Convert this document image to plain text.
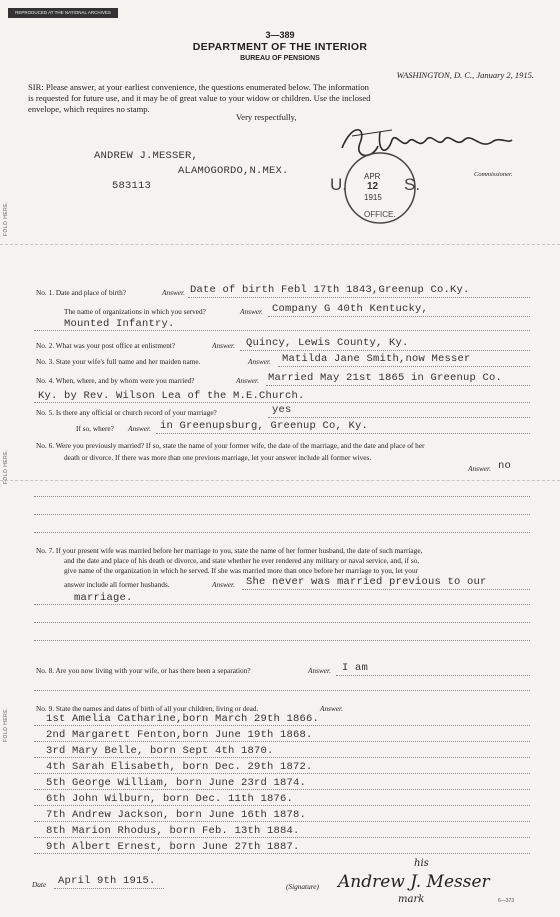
REPRODUCED AT THE NATIONAL ARCHIVES
3—389
DEPARTMENT OF THE INTERIOR
BUREAU OF PENSIONS
WASHINGTON, D. C., January 2, 1915.
SIR: Please answer, at your earliest convenience, the questions enumerated below. The information
is requested for future use, and it may be of great value to your widow or children. Use the inclosed
envelope, which requires no stamp.
Very respectfully,
Commissioner.
ANDREW J.MESSER,
ALAMOGORDO,N.MEX.
583113	U.	S.
APR
12
1915
OFFICE.
FOLD HERE.
No. 1. Date and place of birth?	Answer. Date of birth Febl 17th 1843,Greenup Co.Ky.
The name of organizations in which you served?	Answer. Company G 40th Kentucky,
Mounted Infantry.
No. 2. What was your post office at enlistment?	Answer. Quincy, Lewis County, Ky.
No. 3. State your wife's full name and her maiden name.	Answer. Matilda Jane Smith,now Messer
No. 4. When, where, and by whom were you married?	Answer. Married May 21st 1865 in Greenup Co.
Ky. by Rev. Wilson Lea of the M.E.Church.
No. 5. Is there any official or church record of your marriage?	yes
If so, where? Answer. in Greenupsburg, Greenup Co, Ky.
No. 6. Were you previously married? If so, state the name of your former wife, the date of the marriage, and the date and place of her
death or divorce. If there was more than one previous marriage, let your answer include all former wives.
Answer. no
FOLD HERE.
No. 7. If your present wife was married before her marriage to you, state the name of her former husband, the date of such marriage,
and the date and place of his death or divorce, and state whether he ever rendered any military or naval service, and, if so,
give name of the organization in which he served. If she was married more than once before her marriage to you, let your
answer include all former husbands.	Answer. She never was married previous to our
marriage.
No. 8. Are you now living with your wife, or has there been a separation?	Answer. I am
No. 9. State the names and dates of birth of all your children, living or dead.	Answer.
FOLD HERE.	1st Amelia Catharine,born March 29th 1866.
2nd Margarett Fenton,born June 19th 1868.
3rd Mary Belle, born Sept 4th 1870.
4th Sarah Elisabeth, born Dec. 29th 1872.
5th George William, born June 23rd 1874.
6th John Wilburn, born Dec. 11th 1876.
7th Andrew Jackson, born June 16th 1878.
8th Marion Rhodus, born Feb. 13th 1884.
9th Albert Ernest, born June 27th 1887.
Date April 9th 1915.	(Signature)
his
Andrew J. Messer
mark	6—373
